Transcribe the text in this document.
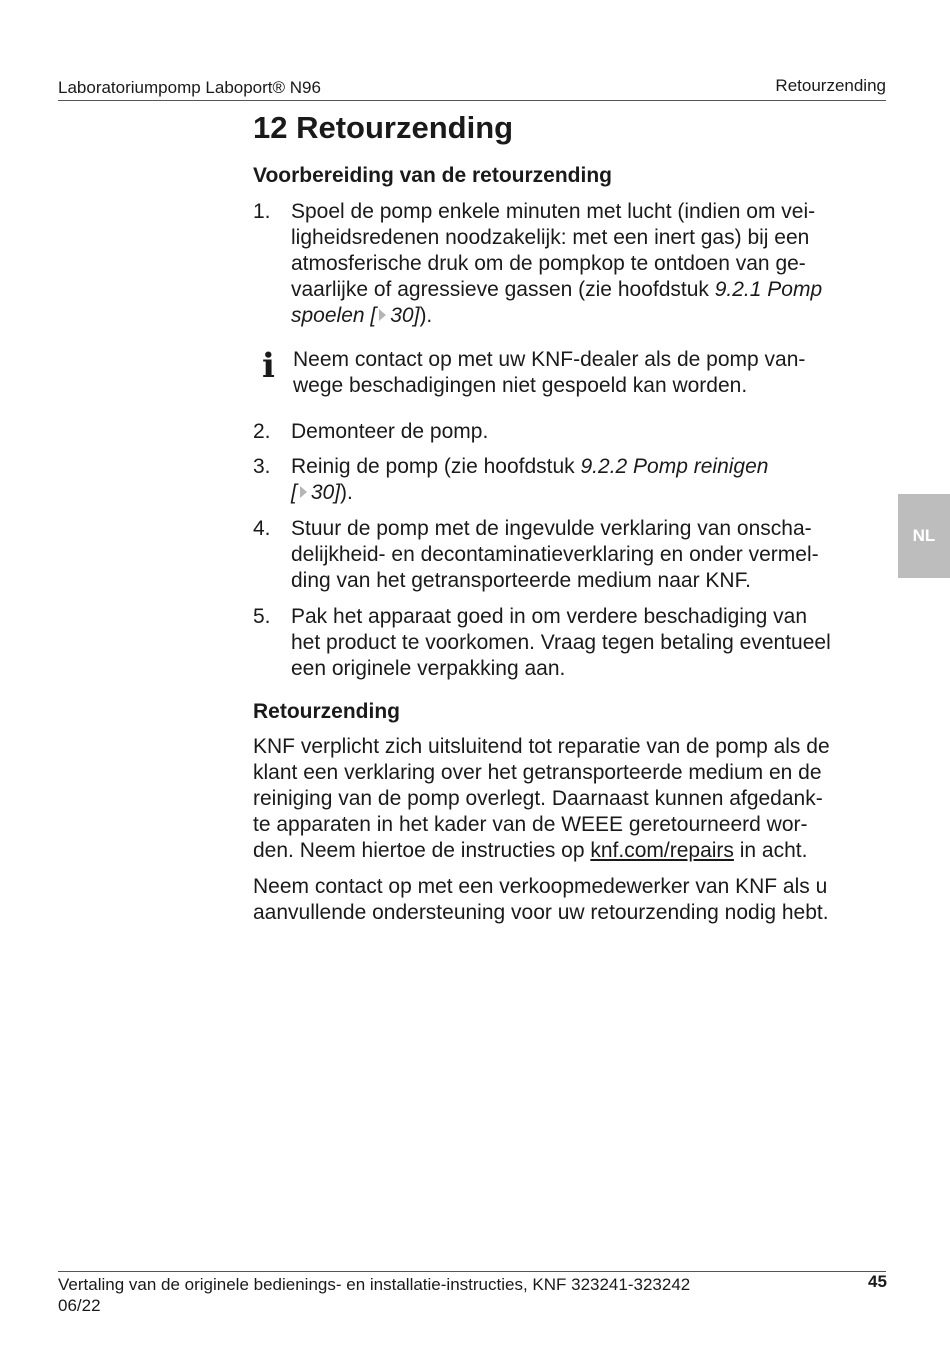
Laboratoriumpomp Laboport® N96	Retourzending
12 Retourzending
Voorbereiding van de retourzending
1. Spoel de pomp enkele minuten met lucht (indien om vei-
ligheidsredenen noodzakelijk: met een inert gas) bij een
atmosferische druk om de pompkop te ontdoen van ge-
vaarlijke of agressieve gassen (zie hoofdstuk 9.2.1 Pomp
spoelen [ 30]).
i Neem contact op met uw KNF-dealer als de pomp van-
wege beschadigingen niet gespoeld kan worden.
2. Demonteer de pomp.
3. Reinig de pomp (zie hoofdstuk 9.2.2 Pomp reinigen
[ 30]).
4. Stuur de pomp met de ingevulde verklaring van onscha-
delijkheid- en decontaminatieverklaring en onder vermel-
ding van het getransporteerde medium naar KNF.
5. Pak het apparaat goed in om verdere beschadiging van
het product te voorkomen. Vraag tegen betaling eventueel
een originele verpakking aan.
Retourzending
KNF verplicht zich uitsluitend tot reparatie van de pomp als de
klant een verklaring over het getransporteerde medium en de
reiniging van de pomp overlegt. Daarnaast kunnen afgedank-
te apparaten in het kader van de WEEE geretourneerd wor-
den. Neem hiertoe de instructies op knf.com/repairs in acht.
Neem contact op met een verkoopmedewerker van KNF als u
aanvullende ondersteuning voor uw retourzending nodig hebt.
NL
Vertaling van de originele bedienings- en installatie-instructies, KNF 323241-323242
06/22
45
